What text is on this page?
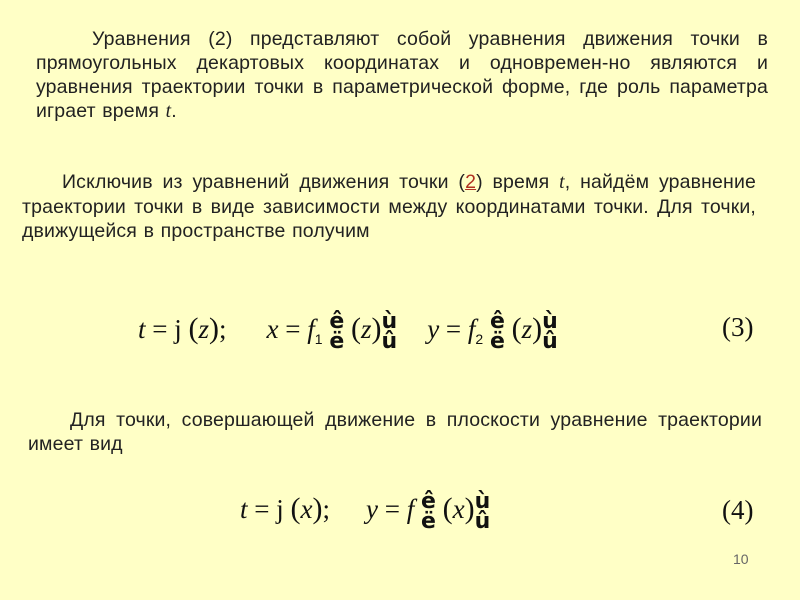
Уравнения (2) представляют собой уравнения движения точки в прямоугольных декартовых координатах и одновремен-но являются и уравнения траектории точки в параметрической форме, где роль параметра играет время t.
Исключив из уравнений движения точки (2) время t, найдём уравнение траектории точки в виде зависимости между координатами точки. Для точки, движущейся в пространстве получим
t = j (z); $x = f_1$ ê
ë (z)ù
û $y = f_2$ ê
ë (z)ù
û	(3)
Для точки, совершающей движение в плоскости уравнение траектории имеет вид
t = j (x); y = f ê
ë (x)ù
û	(4)
10
